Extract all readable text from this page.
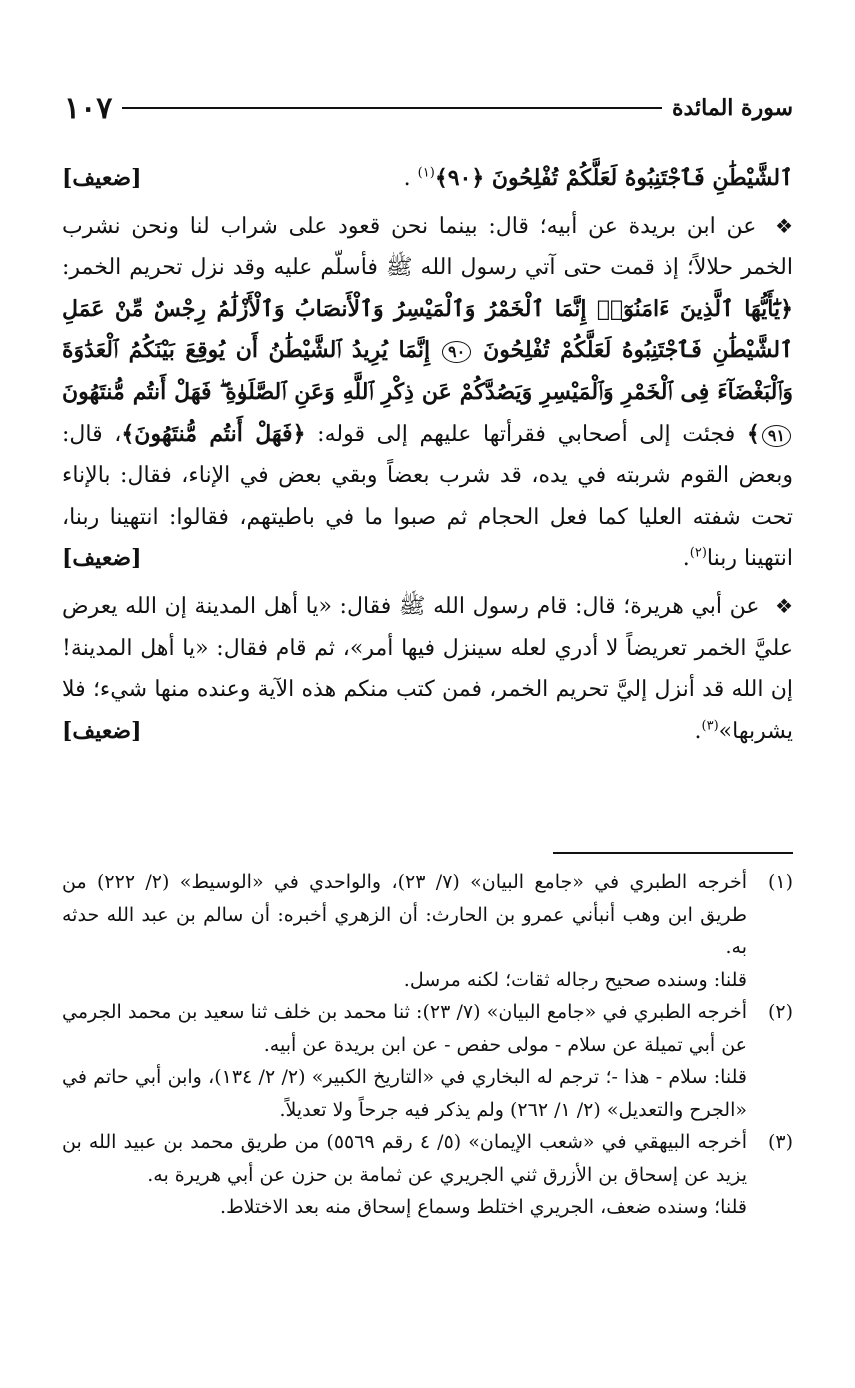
سورة المائدة
١٠٧

[ضعيف]	ٱلشَّيْطَٰنِ فَٱجْتَنِبُوهُ لَعَلَّكُمْ تُفْلِحُونَ ﴿٩٠﴾$^{(١)}$ .

❖ عن ابن بريدة عن أبيه؛ قال: بينما نحن قعود على شراب لنا ونحن نشرب الخمر حلالاً؛ إذ قمت حتى آتي رسول الله ﷺ فأسلّم عليه وقد نزل تحريم الخمر: ﴿يَٰٓأَيُّهَا ٱلَّذِينَ ءَامَنُوٓا۟ إِنَّمَا ٱلْخَمْرُ وَٱلْمَيْسِرُ وَٱلْأَنصَابُ وَٱلْأَزْلَٰمُ رِجْسٌ مِّنْ عَمَلِ ٱلشَّيْطَٰنِ فَٱجْتَنِبُوهُ لَعَلَّكُمْ تُفْلِحُونَ ٩٠ إِنَّمَا يُرِيدُ ٱلشَّيْطَٰنُ أَن يُوقِعَ بَيْنَكُمُ ٱلْعَدَٰوَةَ وَٱلْبَغْضَآءَ فِى ٱلْخَمْرِ وَٱلْمَيْسِرِ وَيَصُدَّكُمْ عَن ذِكْرِ ٱللَّهِ وَعَنِ ٱلصَّلَوٰةِ ۖ فَهَلْ أَنتُم مُّنتَهُونَ ٩١﴾ فجئت إلى أصحابي فقرأتها عليهم إلى قوله: ﴿فَهَلْ أَنتُم مُّنتَهُونَ﴾، قال: وبعض القوم شربته في يده، قد شرب بعضاً وبقي بعض في الإناء، فقال: بالإناء تحت شفته العليا كما فعل الحجام ثم صبوا ما في باطيتهم، فقالوا: انتهينا ربنا، انتهينا ربنا$^{(٢)}$.
[ضعيف]

❖ عن أبي هريرة؛ قال: قام رسول الله ﷺ فقال: «يا أهل المدينة إن الله يعرض عليَّ الخمر تعريضاً لا أدري لعله سينزل فيها أمر»، ثم قام فقال: «يا أهل المدينة! إن الله قد أنزل إليَّ تحريم الخمر، فمن كتب منكم هذه الآية وعنده منها شيء؛ فلا يشربها»$^{(٣)}$.
[ضعيف]

(١)

أخرجه الطبري في «جامع البيان» (٧/ ٢٣)، والواحدي في «الوسيط» (٢/ ٢٢٢) من طريق ابن وهب أنبأني عمرو بن الحارث: أن الزهري أخبره: أن سالم بن عبد الله حدثه به.

قلنا: وسنده صحيح رجاله ثقات؛ لكنه مرسل.

(٢)

أخرجه الطبري في «جامع البيان» (٧/ ٢٣): ثنا محمد بن خلف ثنا سعيد بن محمد الجرمي عن أبي تميلة عن سلام - مولى حفص - عن ابن بريدة عن أبيه.

قلنا: سلام - هذا -؛ ترجم له البخاري في «التاريخ الكبير» (٢/ ٢/ ١٣٤)، وابن أبي حاتم في «الجرح والتعديل» (٢/ ١/ ٢٦٢) ولم يذكر فيه جرحاً ولا تعديلاً.

(٣)

أخرجه البيهقي في «شعب الإيمان» (٥/ ٤ رقم ٥٥٦٩) من طريق محمد بن عبيد الله بن يزيد عن إسحاق بن الأزرق ثني الجريري عن ثمامة بن حزن عن أبي هريرة به.

قلنا؛ وسنده ضعف، الجريري اختلط وسماع إسحاق منه بعد الاختلاط.
